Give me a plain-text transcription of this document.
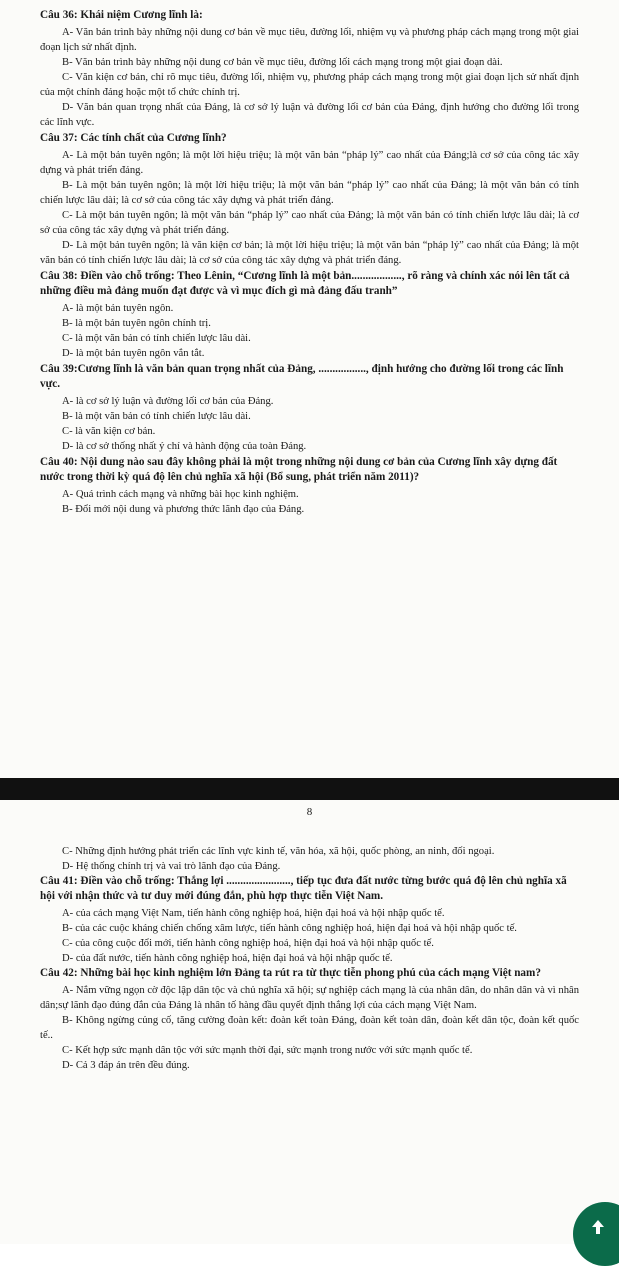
Câu 36: Khái niệm Cương lĩnh là:

A- Văn bản trình bày những nội dung cơ bản về mục tiêu, đường lối, nhiệm vụ và phương pháp cách mạng trong một giai đoạn lịch sử nhất định.

B- Văn bản trình bày những nội dung cơ bản về mục tiêu, đường lối cách mạng trong một giai đoạn dài.

C- Văn kiện cơ bản, chỉ rõ mục tiêu, đường lối, nhiệm vụ, phương pháp cách mạng trong một giai đoạn lịch sử nhất định của một chính đảng hoặc một tổ chức chính trị.

D- Văn bản quan trọng nhất của Đảng, là cơ sở lý luận và đường lối cơ bản của Đảng, định hướng cho đường lối trong các lĩnh vực.

Câu 37: Các tính chất của Cương lĩnh?

A- Là một bản tuyên ngôn; là một lời hiệu triệu; là một văn bản “pháp lý” cao nhất của Đảng;là cơ sở của công tác xây dựng và phát triển đảng.

B- Là một bản tuyên ngôn; là một lời hiệu triệu; là một văn bản “pháp lý” cao nhất của Đảng; là một văn bản có tính chiến lược lâu dài; là cơ sở của công tác xây dựng và phát triển đảng.

C- Là một bản tuyên ngôn; là một văn bản “pháp lý” cao nhất của Đảng; là một văn bản có tính chiến lược lâu dài; là cơ sở của công tác xây dựng và phát triển đảng.

D- Là một bản tuyên ngôn; là văn kiện cơ bản; là một lời hiệu triệu; là một văn bản “pháp lý” cao nhất của Đảng; là một văn bản có tính chiến lược lâu dài; là cơ sở của công tác xây dựng và phát triển đảng.

Câu 38: Điền vào chỗ trống: Theo Lênin, “Cương lĩnh là một bản.................., rõ ràng và chính xác nói lên tất cả những điều mà đảng muốn đạt được và vì mục đích gì mà đảng đấu tranh”

A- là một bản tuyên ngôn.

B- là một bản tuyên ngôn chính trị.

C- là một văn bản có tính chiến lược lâu dài.

D- là một bản tuyên ngôn vắn tắt.

Câu 39:Cương lĩnh là văn bản quan trọng nhất của Đảng, ................., định hướng cho đường lối trong các lĩnh vực.

A- là cơ sở lý luận và đường lối cơ bản của Đảng.

B- là một văn bản có tính chiến lược lâu dài.

C- là văn kiện cơ bản.

D- là cơ sở thống nhất ý chí và hành động của toàn Đảng.

Câu 40: Nội dung nào sau đây không phải là một trong những nội dung cơ bản của Cương lĩnh xây dựng đất nước trong thời kỳ quá độ lên chủ nghĩa xã hội (Bổ sung, phát triển năm 2011)?

A- Quá trình cách mạng và những bài học kinh nghiệm.

B- Đổi mới nội dung và phương thức lãnh đạo của Đảng.

8

C- Những định hướng phát triển các lĩnh vực kinh tế, văn hóa, xã hội, quốc phòng, an ninh, đối ngoại.

D- Hệ thống chính trị và vai trò lãnh đạo của Đảng.

Câu 41: Điền vào chỗ trống: Thắng lợi ......................., tiếp tục đưa đất nước từng bước quá độ lên chủ nghĩa xã hội với nhận thức và tư duy mới đúng đắn, phù hợp thực tiễn Việt Nam.

A- của cách mạng Việt Nam, tiến hành công nghiệp hoá, hiện đại hoá và hội nhập quốc tế.

B- của các cuộc kháng chiến chống xâm lược, tiến hành công nghiệp hoá, hiện đại hoá và hội nhập quốc tế.

C- của công cuộc đổi mới, tiến hành công nghiệp hoá, hiện đại hoá và hội nhập quốc tế.

D- của đất nước, tiến hành công nghiệp hoá, hiện đại hoá và hội nhập quốc tế.

Câu 42: Những bài học kinh nghiệm lớn Đảng ta rút ra từ thực tiễn phong phú của cách mạng Việt nam?

A- Nắm vững ngọn cờ độc lập dân tộc và chủ nghĩa xã hội; sự nghiệp cách mạng là của nhân dân, do nhân dân và vì nhân dân;sự lãnh đạo đúng đắn của Đảng là nhân tố hàng đầu quyết định thắng lợi của cách mạng Việt Nam.

B- Không ngừng củng cố, tăng cường đoàn kết: đoàn kết toàn Đảng, đoàn kết toàn dân, đoàn kết dân tộc, đoàn kết quốc tế..

C- Kết hợp sức mạnh dân tộc với sức mạnh thời đại, sức mạnh trong nước với sức mạnh quốc tế.

D- Cả 3 đáp án trên đều đúng.
